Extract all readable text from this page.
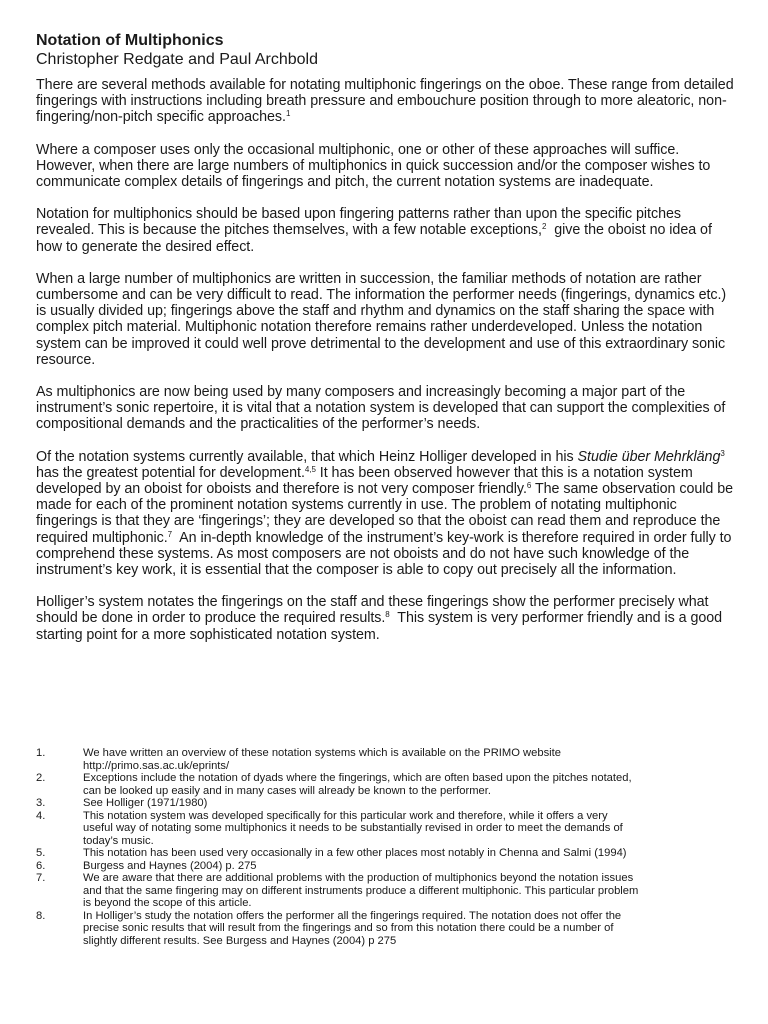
Notation of Multiphonics
Christopher Redgate and Paul Archbold

There are several methods available for notating multiphonic fingerings on the oboe. These range from detailed fingerings with instructions including breath pressure and embouchure position through to more aleatoric, non-fingering/non-pitch specific approaches.$^1$

Where a composer uses only the occasional multiphonic, one or other of these approaches will suffice. However, when there are large numbers of multiphonics in quick succession and/or the composer wishes to communicate complex details of fingerings and pitch, the current notation systems are inadequate.

Notation for multiphonics should be based upon fingering patterns rather than upon the specific pitches revealed. This is because the pitches themselves, with a few notable exceptions,$^2$  give the oboist no idea of how to generate the desired effect.

When a large number of multiphonics are written in succession, the familiar methods of notation are rather cumbersome and can be very difficult to read. The information the performer needs (fingerings, dynamics etc.) is usually divided up; fingerings above the staff and rhythm and dynamics on the staff sharing the space with complex pitch material. Multiphonic notation therefore remains rather underdeveloped. Unless the notation system can be improved it could well prove detrimental to the development and use of this extraordinary sonic resource.

As multiphonics are now being used by many composers and increasingly becoming a major part of the instrument’s sonic repertoire, it is vital that a notation system is developed that can support the complexities of compositional demands and the practicalities of the performer’s needs.

Of the notation systems currently available, that which Heinz Holliger developed in his Studie über Mehrkläng$^3$ has the greatest potential for development.$^{4,5}$ It has been observed however that this is a notation system developed by an oboist for oboists and therefore is not very composer friendly.$^6$ The same observation could be made for each of the prominent notation systems currently in use. The problem of notating multiphonic fingerings is that they are ‘fingerings’; they are developed so that the oboist can read them and reproduce the required multiphonic.$^7$  An in-depth knowledge of the instrument’s key-work is therefore required in order fully to comprehend these systems. As most composers are not oboists and do not have such knowledge of the instrument’s key work, it is essential that the composer is able to copy out precisely all the information.

Holliger’s system notates the fingerings on the staff and these fingerings show the performer precisely what should be done in order to produce the required results.$^8$  This system is very performer friendly and is a good starting point for a more sophisticated notation system.

1.	We have written an overview of these notation systems which is available on the PRIMO website
http://primo.sas.ac.uk/eprints/
2.	Exceptions include the notation of dyads where the fingerings, which are often based upon the pitches notated,
can be looked up easily and in many cases will already be known to the performer.
3.	See Holliger (1971/1980)
4.	This notation system was developed specifically for this particular work and therefore, while it offers a very
useful way of notating some multiphonics it needs to be substantially revised in order to meet the demands of
today’s music.
5.	This notation has been used very occasionally in a few other places most notably in Chenna and Salmi (1994)
6.	Burgess and Haynes (2004) p. 275
7.	We are aware that there are additional problems with the production of multiphonics beyond the notation issues
and that the same fingering may on different instruments produce a different multiphonic. This particular problem
is beyond the scope of this article.
8.	In Holliger’s study the notation offers the performer all the fingerings required. The notation does not offer the
precise sonic results that will result from the fingerings and so from this notation there could be a number of
slightly different results. See Burgess and Haynes (2004) p 275
